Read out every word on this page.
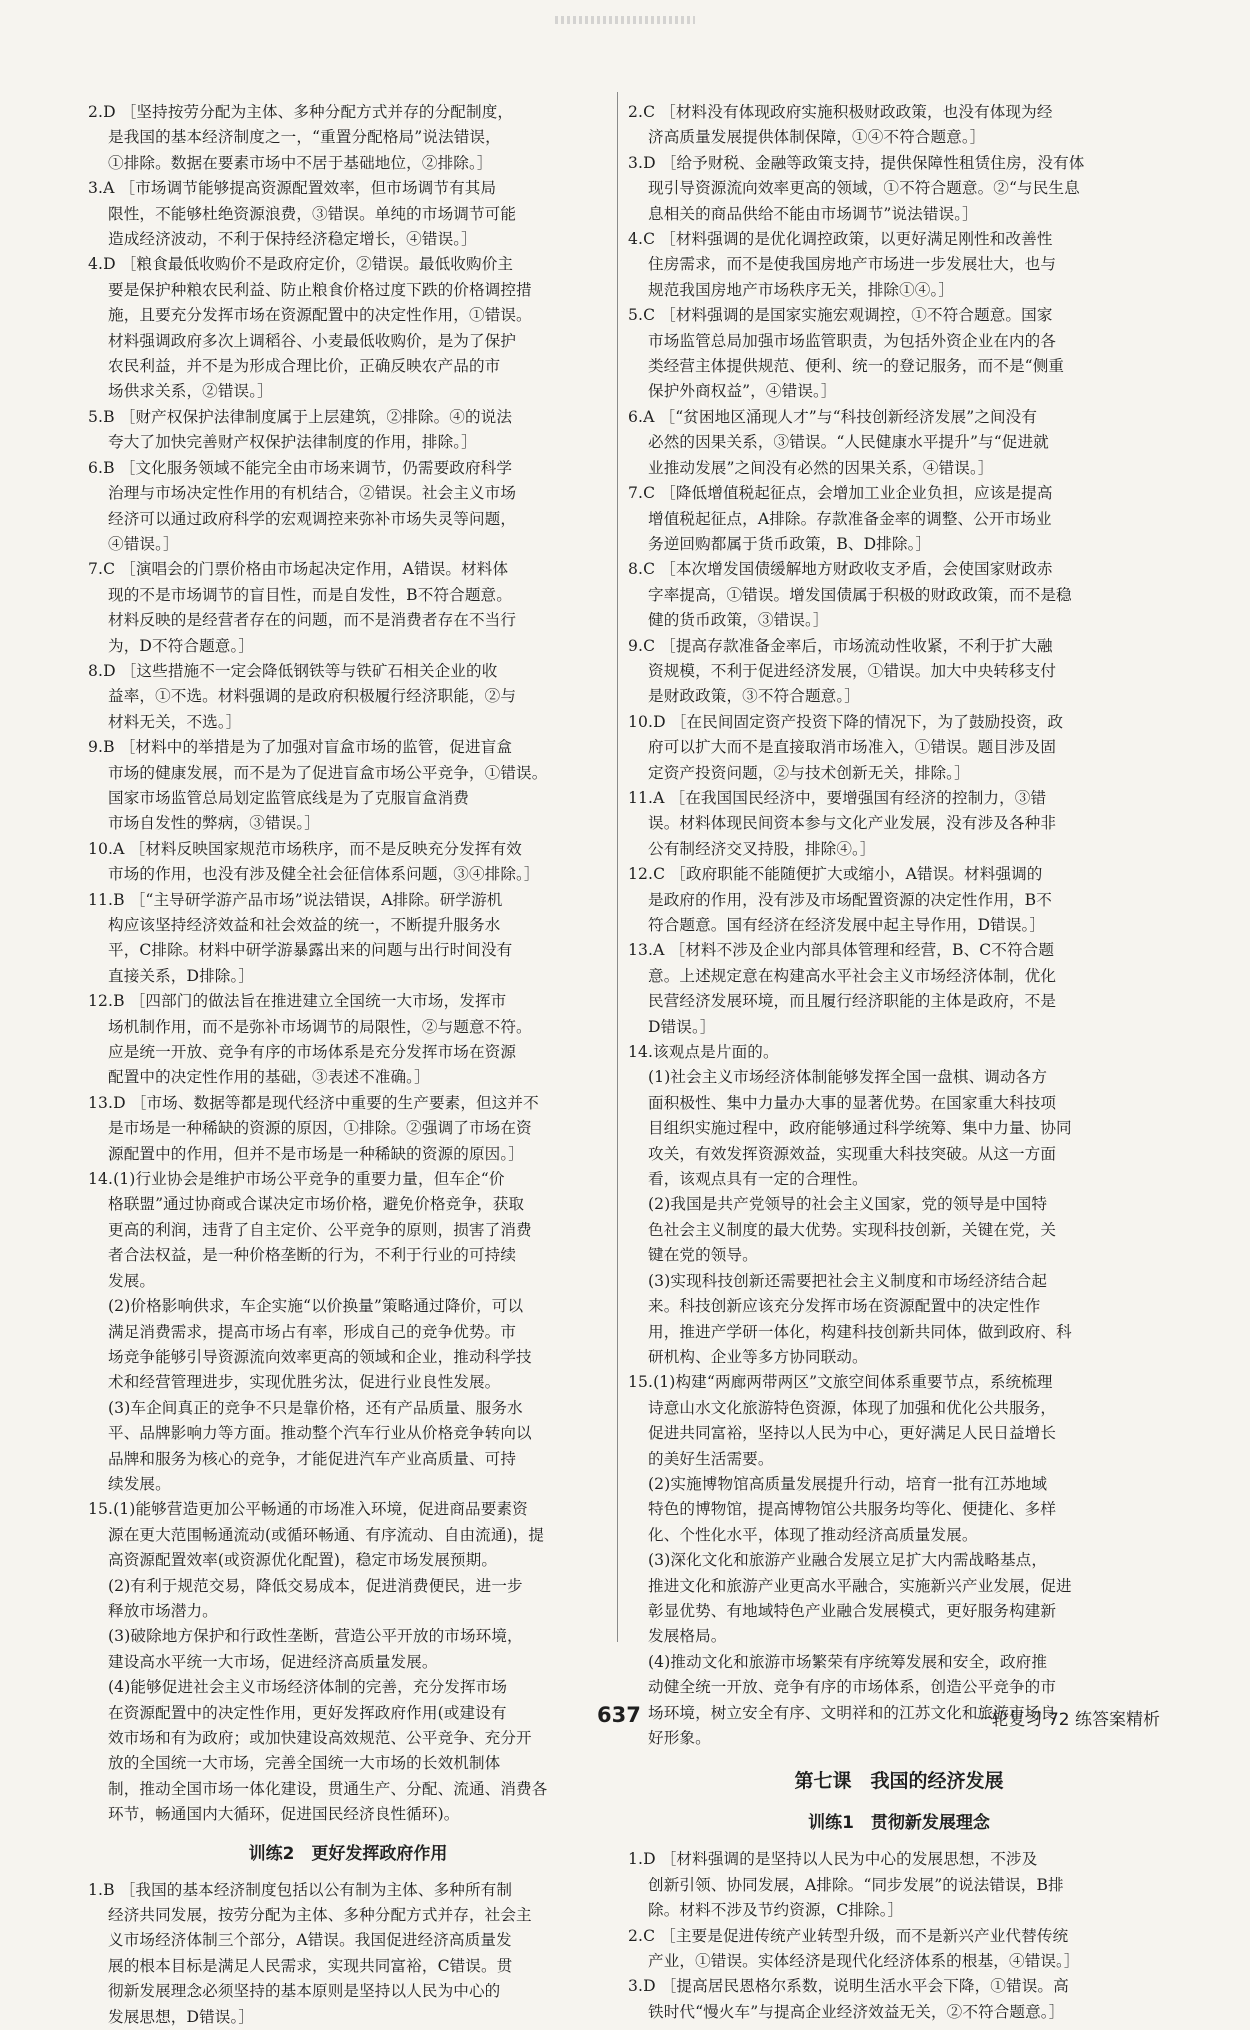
2.D ［坚持按劳分配为主体、多种分配方式并存的分配制度，

是我国的基本经济制度之一，“重置分配格局”说法错误，

①排除。数据在要素市场中不居于基础地位，②排除。］

3.A ［市场调节能够提高资源配置效率，但市场调节有其局

限性，不能够杜绝资源浪费，③错误。单纯的市场调节可能

造成经济波动，不利于保持经济稳定增长，④错误。］

4.D ［粮食最低收购价不是政府定价，②错误。最低收购价主

要是保护种粮农民利益、防止粮食价格过度下跌的价格调控措

施，且要充分发挥市场在资源配置中的决定性作用，①错误。

材料强调政府多次上调稻谷、小麦最低收购价，是为了保护

农民利益，并不是为形成合理比价，正确反映农产品的市

场供求关系，②错误。］

5.B ［财产权保护法律制度属于上层建筑，②排除。④的说法

夸大了加快完善财产权保护法律制度的作用，排除。］

6.B ［文化服务领域不能完全由市场来调节，仍需要政府科学

治理与市场决定性作用的有机结合，②错误。社会主义市场

经济可以通过政府科学的宏观调控来弥补市场失灵等问题，

④错误。］

7.C ［演唱会的门票价格由市场起决定作用，A错误。材料体

现的不是市场调节的盲目性，而是自发性，B不符合题意。

材料反映的是经营者存在的问题，而不是消费者存在不当行

为，D不符合题意。］

8.D ［这些措施不一定会降低钢铁等与铁矿石相关企业的收

益率，①不选。材料强调的是政府积极履行经济职能，②与

材料无关，不选。］

9.B ［材料中的举措是为了加强对盲盒市场的监管，促进盲盒

市场的健康发展，而不是为了促进盲盒市场公平竞争，①错误。

国家市场监管总局划定监管底线是为了克服盲盒消费

市场自发性的弊病，③错误。］

10.A ［材料反映国家规范市场秩序，而不是反映充分发挥有效

市场的作用，也没有涉及健全社会征信体系问题，③④排除。］

11.B ［“主导研学游产品市场”说法错误，A排除。研学游机

构应该坚持经济效益和社会效益的统一，不断提升服务水

平，C排除。材料中研学游暴露出来的问题与出行时间没有

直接关系，D排除。］

12.B ［四部门的做法旨在推进建立全国统一大市场，发挥市

场机制作用，而不是弥补市场调节的局限性，②与题意不符。

应是统一开放、竞争有序的市场体系是充分发挥市场在资源

配置中的决定性作用的基础，③表述不准确。］

13.D ［市场、数据等都是现代经济中重要的生产要素，但这并不

是市场是一种稀缺的资源的原因，①排除。②强调了市场在资

源配置中的作用，但并不是市场是一种稀缺的资源的原因。］

14.(1)行业协会是维护市场公平竞争的重要力量，但车企“价

格联盟”通过协商或合谋决定市场价格，避免价格竞争，获取

更高的利润，违背了自主定价、公平竞争的原则，损害了消费

者合法权益，是一种价格垄断的行为，不利于行业的可持续

发展。

(2)价格影响供求，车企实施“以价换量”策略通过降价，可以

满足消费需求，提高市场占有率，形成自己的竞争优势。市

场竞争能够引导资源流向效率更高的领域和企业，推动科学技

术和经营管理进步，实现优胜劣汰，促进行业良性发展。

(3)车企间真正的竞争不只是靠价格，还有产品质量、服务水

平、品牌影响力等方面。推动整个汽车行业从价格竞争转向以

品牌和服务为核心的竞争，才能促进汽车产业高质量、可持

续发展。

15.(1)能够营造更加公平畅通的市场准入环境，促进商品要素资

源在更大范围畅通流动(或循环畅通、有序流动、自由流通)，提

高资源配置效率(或资源优化配置)，稳定市场发展预期。

(2)有利于规范交易，降低交易成本，促进消费便民，进一步

释放市场潜力。

(3)破除地方保护和行政性垄断，营造公平开放的市场环境，

建设高水平统一大市场，促进经济高质量发展。

(4)能够促进社会主义市场经济体制的完善，充分发挥市场

在资源配置中的决定性作用，更好发挥政府作用(或建设有

效市场和有为政府；或加快建设高效规范、公平竞争、充分开

放的全国统一大市场，完善全国统一大市场的长效机制体

制，推动全国市场一体化建设，贯通生产、分配、流通、消费各

环节，畅通国内大循环，促进国民经济良性循环)。

训练2　更好发挥政府作用

1.B ［我国的基本经济制度包括以公有制为主体、多种所有制

经济共同发展，按劳分配为主体、多种分配方式并存，社会主

义市场经济体制三个部分，A错误。我国促进经济高质量发

展的根本目标是满足人民需求，实现共同富裕，C错误。贯

彻新发展理念必须坚持的基本原则是坚持以人民为中心的

发展思想，D错误。］

2.C ［材料没有体现政府实施积极财政政策，也没有体现为经

济高质量发展提供体制保障，①④不符合题意。］

3.D ［给予财税、金融等政策支持，提供保障性租赁住房，没有体

现引导资源流向效率更高的领域，①不符合题意。②“与民生息

息相关的商品供给不能由市场调节”说法错误。］

4.C ［材料强调的是优化调控政策，以更好满足刚性和改善性

住房需求，而不是使我国房地产市场进一步发展壮大，也与

规范我国房地产市场秩序无关，排除①④。］

5.C ［材料强调的是国家实施宏观调控，①不符合题意。国家

市场监管总局加强市场监管职责，为包括外资企业在内的各

类经营主体提供规范、便利、统一的登记服务，而不是“侧重

保护外商权益”，④错误。］

6.A ［“贫困地区涌现人才”与“科技创新经济发展”之间没有

必然的因果关系，③错误。“人民健康水平提升”与“促进就

业推动发展”之间没有必然的因果关系，④错误。］

7.C ［降低增值税起征点，会增加工业企业负担，应该是提高

增值税起征点，A排除。存款准备金率的调整、公开市场业

务逆回购都属于货币政策，B、D排除。］

8.C ［本次增发国债缓解地方财政收支矛盾，会使国家财政赤

字率提高，①错误。增发国债属于积极的财政政策，而不是稳

健的货币政策，③错误。］

9.C ［提高存款准备金率后，市场流动性收紧，不利于扩大融

资规模，不利于促进经济发展，①错误。加大中央转移支付

是财政政策，③不符合题意。］

10.D ［在民间固定资产投资下降的情况下，为了鼓励投资，政

府可以扩大而不是直接取消市场准入，①错误。题目涉及固

定资产投资问题，②与技术创新无关，排除。］

11.A ［在我国国民经济中，要增强国有经济的控制力，③错

误。材料体现民间资本参与文化产业发展，没有涉及各种非

公有制经济交叉持股，排除④。］

12.C ［政府职能不能随便扩大或缩小，A错误。材料强调的

是政府的作用，没有涉及市场配置资源的决定性作用，B不

符合题意。国有经济在经济发展中起主导作用，D错误。］

13.A ［材料不涉及企业内部具体管理和经营，B、C不符合题

意。上述规定意在构建高水平社会主义市场经济体制，优化

民营经济发展环境，而且履行经济职能的主体是政府，不是

D错误。］

14.该观点是片面的。

(1)社会主义市场经济体制能够发挥全国一盘棋、调动各方

面积极性、集中力量办大事的显著优势。在国家重大科技项

目组织实施过程中，政府能够通过科学统筹、集中力量、协同

攻关，有效发挥资源效益，实现重大科技突破。从这一方面

看，该观点具有一定的合理性。

(2)我国是共产党领导的社会主义国家，党的领导是中国特

色社会主义制度的最大优势。实现科技创新，关键在党，关

键在党的领导。

(3)实现科技创新还需要把社会主义制度和市场经济结合起

来。科技创新应该充分发挥市场在资源配置中的决定性作

用，推进产学研一体化，构建科技创新共同体，做到政府、科

研机构、企业等多方协同联动。

15.(1)构建“两廊两带两区”文旅空间体系重要节点，系统梳理

诗意山水文化旅游特色资源，体现了加强和优化公共服务，

促进共同富裕，坚持以人民为中心，更好满足人民日益增长

的美好生活需要。

(2)实施博物馆高质量发展提升行动，培育一批有江苏地域

特色的博物馆，提高博物馆公共服务均等化、便捷化、多样

化、个性化水平，体现了推动经济高质量发展。

(3)深化文化和旅游产业融合发展立足扩大内需战略基点，

推进文化和旅游产业更高水平融合，实施新兴产业发展，促进

彰显优势、有地域特色产业融合发展模式，更好服务构建新

发展格局。

(4)推动文化和旅游市场繁荣有序统筹发展和安全，政府推

动健全统一开放、竞争有序的市场体系，创造公平竞争的市

场环境，树立安全有序、文明祥和的江苏文化和旅游市场良

好形象。

第七课　我国的经济发展

训练1　贯彻新发展理念

1.D ［材料强调的是坚持以人民为中心的发展思想，不涉及

创新引领、协同发展，A排除。“同步发展”的说法错误，B排

除。材料不涉及节约资源，C排除。］

2.C ［主要是促进传统产业转型升级，而不是新兴产业代替传统

产业，①错误。实体经济是现代化经济体系的根基，④错误。］

3.D ［提高居民恩格尔系数，说明生活水平会下降，①错误。高

铁时代“慢火车”与提高企业经济效益无关，②不符合题意。］

637	一轮复习 72 练答案精析
